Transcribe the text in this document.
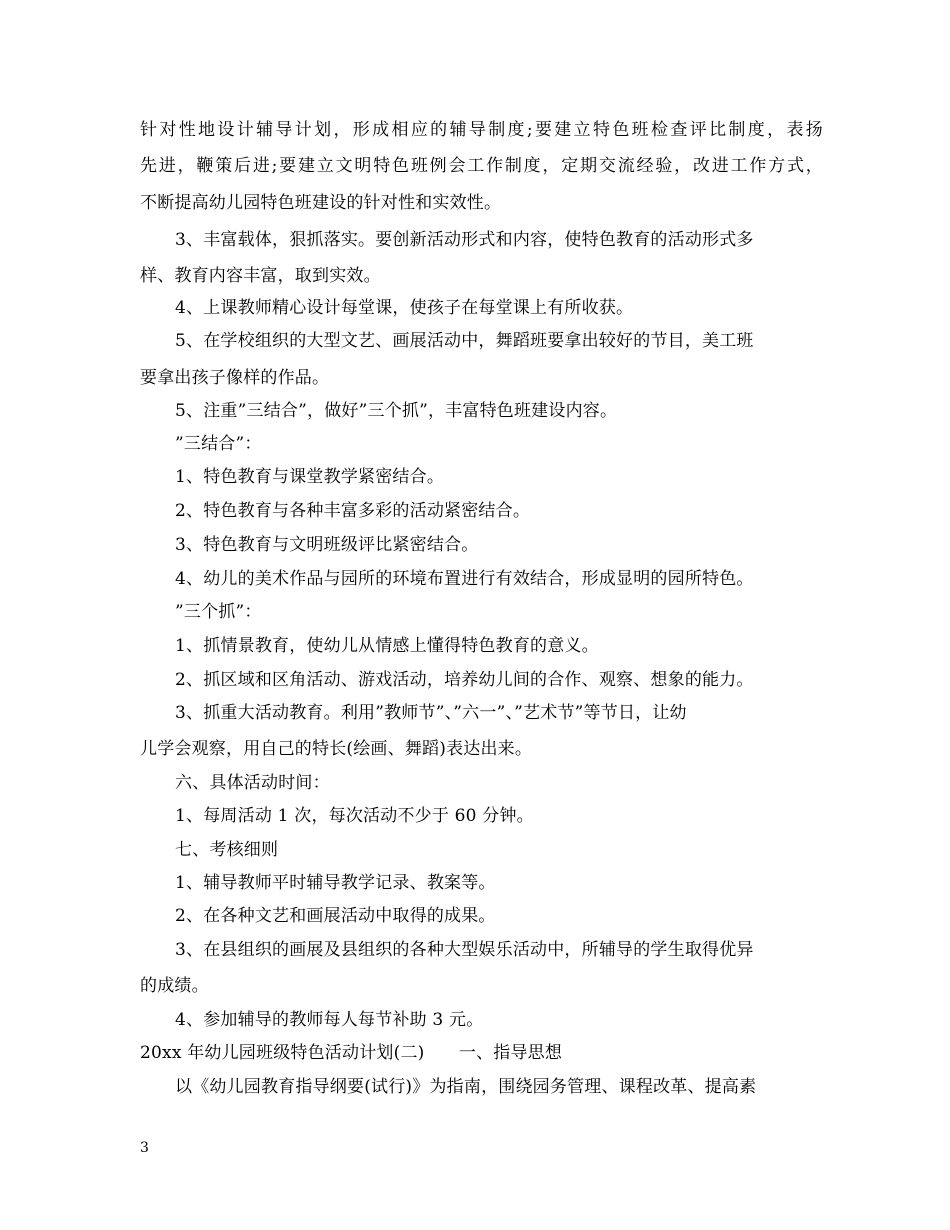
针对性地设计辅导计划，形成相应的辅导制度;要建立特色班检查评比制度，表扬
先进，鞭策后进;要建立文明特色班例会工作制度，定期交流经验，改进工作方式，
不断提高幼儿园特色班建设的针对性和实效性。
3、丰富载体，狠抓落实。要创新活动形式和内容，使特色教育的活动形式多
样、教育内容丰富，取到实效。
4、上课教师精心设计每堂课，使孩子在每堂课上有所收获。
5、在学校组织的大型文艺、画展活动中，舞蹈班要拿出较好的节目，美工班
要拿出孩子像样的作品。
5、注重”三结合”，做好”三个抓”，丰富特色班建设内容。
”三结合”：
1、特色教育与课堂教学紧密结合。
2、特色教育与各种丰富多彩的活动紧密结合。
3、特色教育与文明班级评比紧密结合。
4、幼儿的美术作品与园所的环境布置进行有效结合，形成显明的园所特色。
”三个抓”：
1、抓情景教育，使幼儿从情感上懂得特色教育的意义。
2、抓区域和区角活动、游戏活动，培养幼儿间的合作、观察、想象的能力。
3、抓重大活动教育。利用”教师节”、”六一”、”艺术节”等节日，让幼
儿学会观察，用自己的特长(绘画、舞蹈)表达出来。
六、具体活动时间：
1、每周活动 1 次，每次活动不少于 60 分钟。
七、考核细则
1、辅导教师平时辅导教学记录、教案等。
2、在各种文艺和画展活动中取得的成果。
3、在县组织的画展及县组织的各种大型娱乐活动中，所辅导的学生取得优异
的成绩。
4、参加辅导的教师每人每节补助 3 元。
20xx 年幼儿园班级特色活动计划(二)　　一、指导思想
以《幼儿园教育指导纲要(试行)》为指南，围绕园务管理、课程改革、提高素
3
